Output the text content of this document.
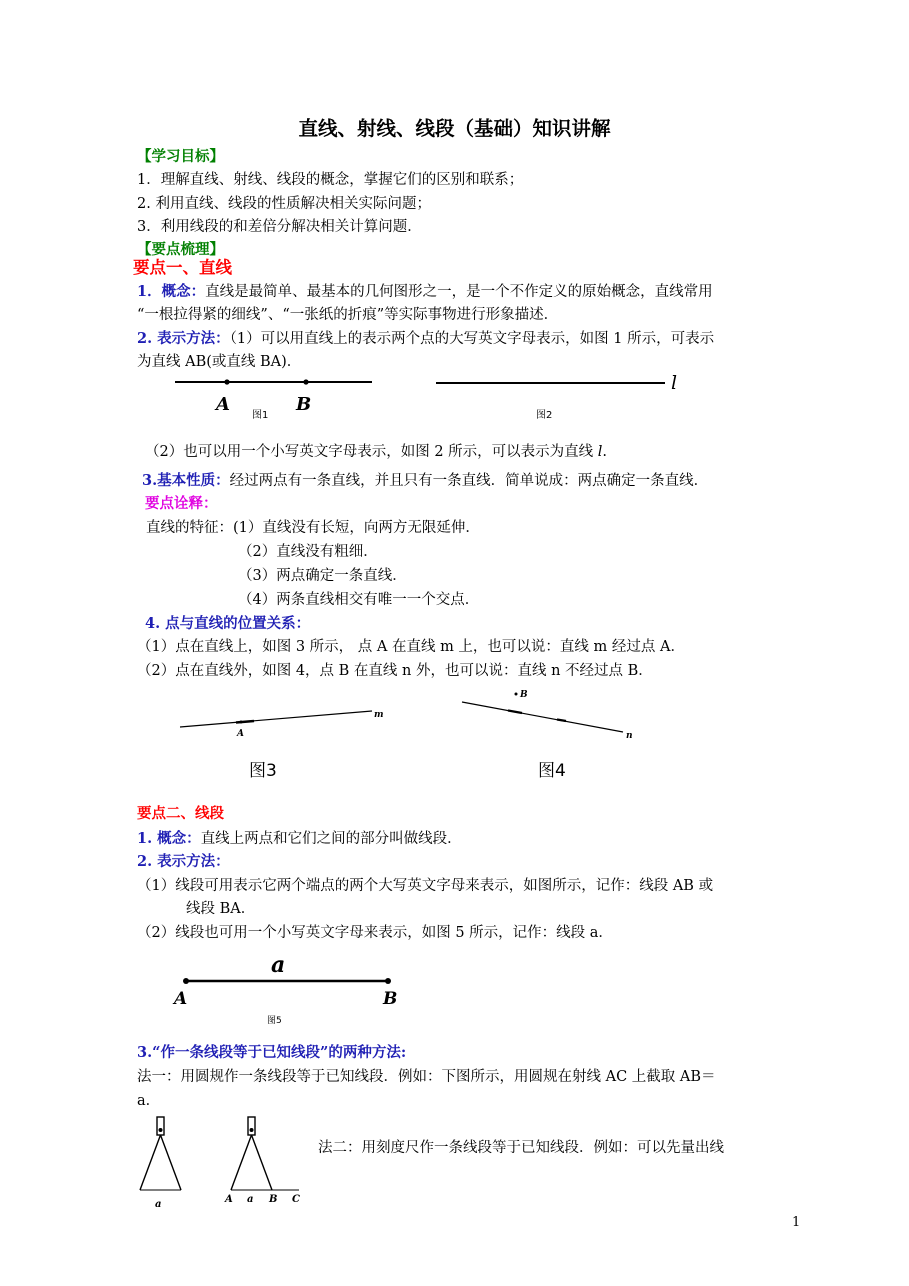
直线、射线、线段（基础）知识讲解
【学习目标】
1．理解直线、射线、线段的概念，掌握它们的区别和联系；
2. 利用直线、线段的性质解决相关实际问题；
3．利用线段的和差倍分解决相关计算问题．
【要点梳理】
要点一、直线
1．概念：直线是最简单、最基本的几何图形之一，是一个不作定义的原始概念，直线常用
“一根拉得紧的细线”、“一张纸的折痕”等实际事物进行形象描述．
2. 表示方法：（1）可以用直线上的表示两个点的大写英文字母表示，如图 1 所示，可表示
为直线 AB(或直线 BA)．
A	B
图1
l
图2
（2）也可以用一个小写英文字母表示，如图 2 所示，可以表示为直线 l.
3.基本性质：经过两点有一条直线，并且只有一条直线．简单说成：两点确定一条直线．
要点诠释：
直线的特征：(1）直线没有长短，向两方无限延伸．
（2）直线没有粗细．
（3）两点确定一条直线．
（4）两条直线相交有唯一一个交点．
4. 点与直线的位置关系：
（1）点在直线上，如图 3 所示， 点 A 在直线 m 上，也可以说：直线 m 经过点 A．
（2）点在直线外，如图 4，点 B 在直线 n 外，也可以说：直线 n 不经过点 B．
A
m
图3
B
n
图4
要点二、线段
1. 概念：直线上两点和它们之间的部分叫做线段．
2. 表示方法：
（1）线段可用表示它两个端点的两个大写英文字母来表示，如图所示，记作：线段 AB 或
线段 BA．
（2）线段也可用一个小写英文字母来表示，如图 5 所示，记作：线段 a．
a
A	B
图5
3.“作一条线段等于已知线段”的两种方法:
法一：用圆规作一条线段等于已知线段．例如：下图所示，用圆规在射线 AC 上截取 AB＝
a．
法二：用刻度尺作一条线段等于已知线段．例如：可以先量出线
a	A a B C
1
